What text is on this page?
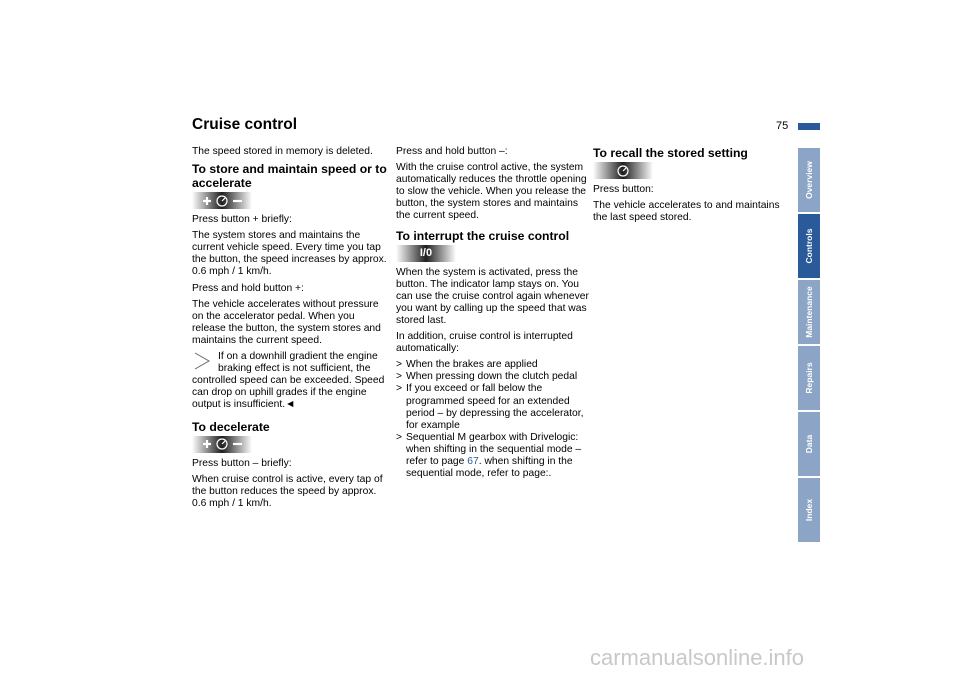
Cruise control	75

The speed stored in memory is deleted.

To store and maintain speed or to accelerate

Press button + briefly:

The system stores and maintains the current vehicle speed. Every time you tap the button, the speed increases by approx. 0.6 mph / 1 km/h.

Press and hold button +:

The vehicle accelerates without pressure on the accelerator pedal. When you release the button, the system stores and maintains the current speed.

If on a downhill gradient the engine braking effect is not sufficient, the controlled speed can be exceeded. Speed can drop on uphill grades if the engine output is insufficient.◄

To decelerate

Press button – briefly:

When cruise control is active, every tap of the button reduces the speed by approx. 0.6 mph / 1 km/h.

Press and hold button –:

With the cruise control active, the system automatically reduces the throttle opening to slow the vehicle. When you release the button, the system stores and maintains the current speed.

To interrupt the cruise control
I/0

When the system is activated, press the button. The indicator lamp stays on. You can use the cruise control again whenever you want by calling up the speed that was stored last.

In addition, cruise control is interrupted automatically:

> When the brakes are applied
> When pressing down the clutch pedal
> If you exceed or fall below the programmed speed for an extended period – by depressing the accelerator, for example
> Sequential M gearbox with Drivelogic: when shifting in the sequential mode – refer to page 67. when shifting in the sequential mode, refer to page:.
To recall the stored setting

Press button:

The vehicle accelerates to and maintains the last speed stored.

Overview
Controls
Maintenance
Repairs
Data
Index
carmanualsonline.info
